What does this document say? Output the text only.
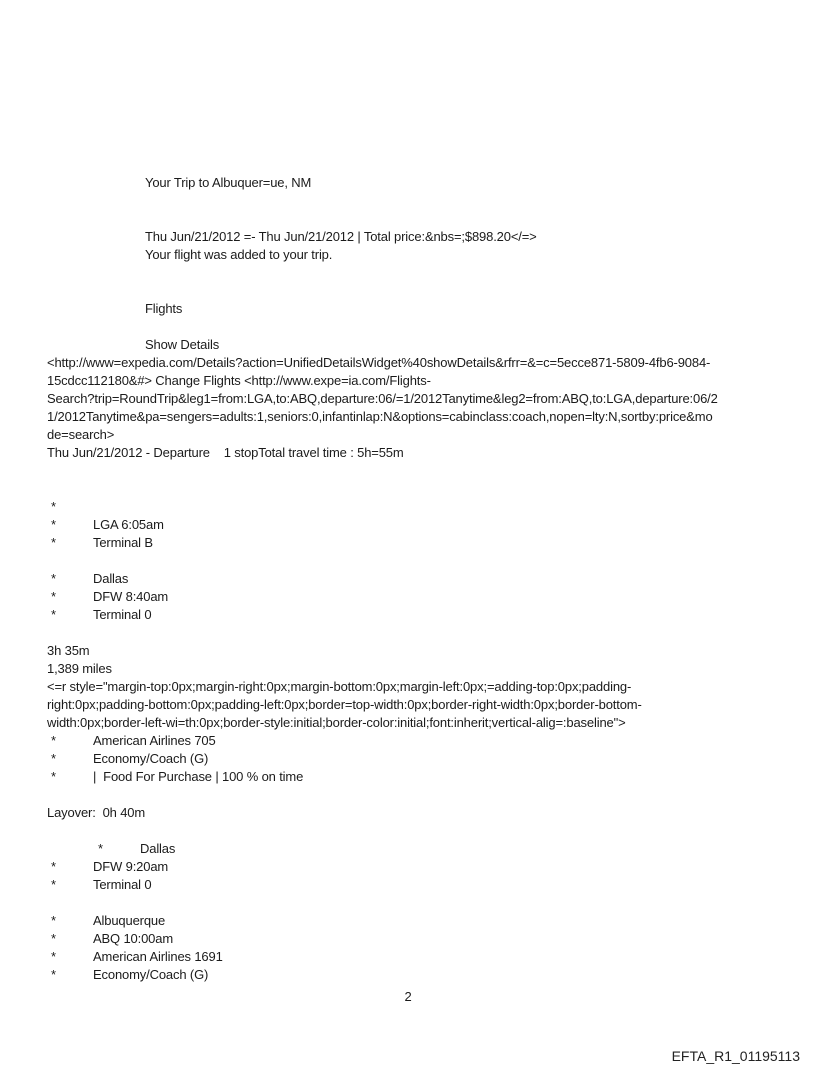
Your Trip to Albuquer=ue, NM
Thu Jun/21/2012 =- Thu Jun/21/2012 | Total price:&nbs=;$898.20</=>
Your flight was added to your trip.
Flights
Show Details
<http://www=expedia.com/Details?action=UnifiedDetailsWidget%40showDetails&rfrr=&=c=5ecce871-5809-4fb6-9084-
15cdcc112180&#> Change Flights <http://www.expe=ia.com/Flights-
Search?trip=RoundTrip&leg1=from:LGA,to:ABQ,departure:06/=1/2012Tanytime&leg2=from:ABQ,to:LGA,departure:06/2
1/2012Tanytime&pa=sengers=adults:1,seniors:0,infantinlap:N&options=cabinclass:coach,nopen=lty:N,sortby:price&mo
de=search>
Thu Jun/21/2012 - Departure    1 stopTotal travel time : 5h=55m
*
*	LGA 6:05am
*	Terminal B
*	Dallas
*	DFW 8:40am
*	Terminal 0
3h 35m
1,389 miles
<=r style="margin-top:0px;margin-right:0px;margin-bottom:0px;margin-left:0px;=adding-top:0px;padding-
right:0px;padding-bottom:0px;padding-left:0px;border=top-width:0px;border-right-width:0px;border-bottom-
width:0px;border-left-wi=th:0px;border-style:initial;border-color:initial;font:inherit;vertical-alig=:baseline">
*	American Airlines 705
*	Economy/Coach (G)
*	|  Food For Purchase | 100 % on time
Layover:  0h 40m
*	Dallas
*	DFW 9:20am
*	Terminal 0
*	Albuquerque
*	ABQ 10:00am
*	American Airlines 1691
*	Economy/Coach (G)
2
EFTA_R1_01195113
